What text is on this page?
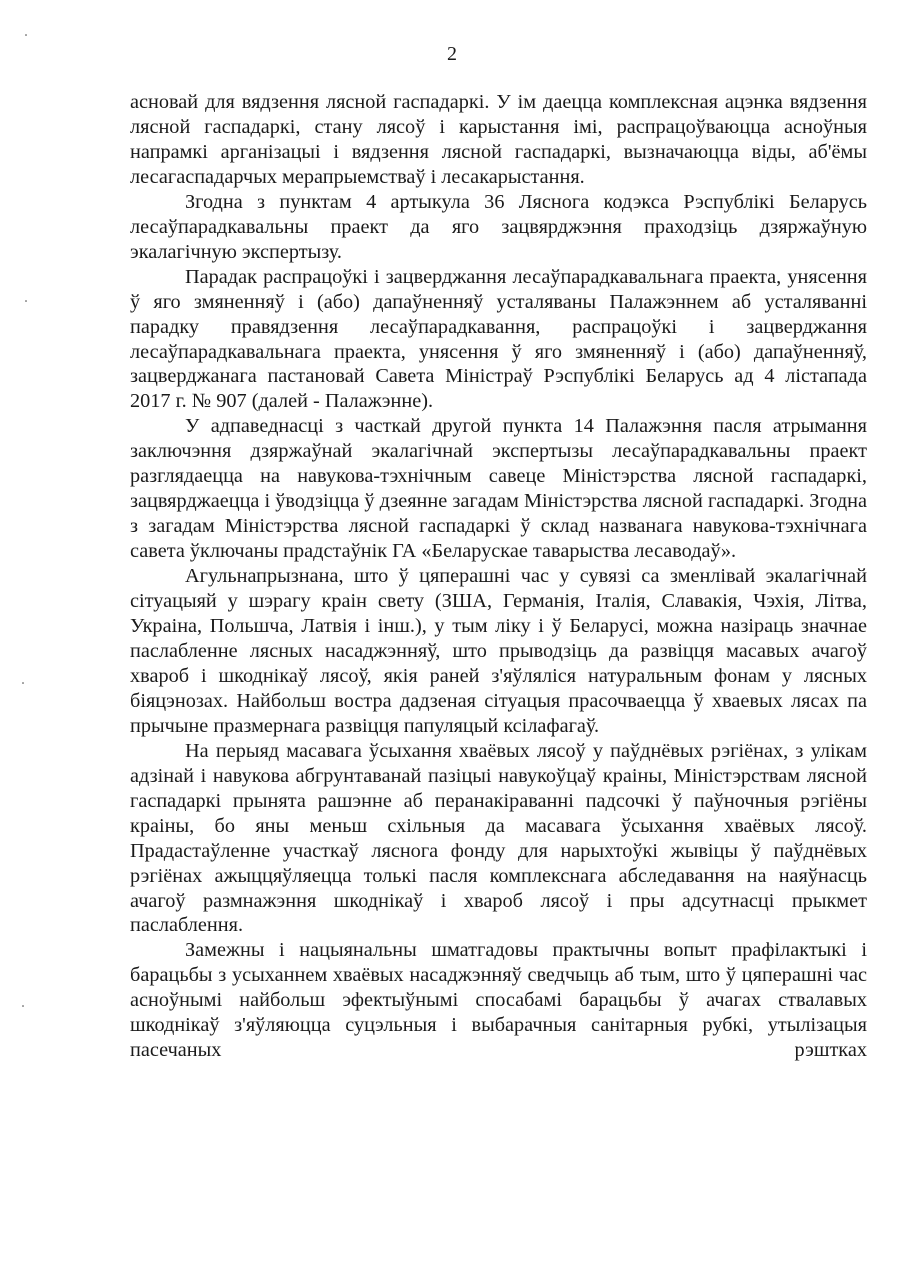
2

асновай для вядзення лясной гаспадаркі. У ім даецца комплексная ацэнка вядзення лясной гаспадаркі, стану лясоў і карыстання імі, распрацоўваюцца асноўныя напрамкі арганізацыі і вядзення лясной гаспадаркі, вызначаюцца віды, аб'ёмы лесагаспадарчых мерапрыемстваў і лесакарыстання.

Згодна з пунктам 4 артыкула 36 Ляснога кодэкса Рэспублікі Беларусь лесаўпарадкавальны праект да яго зацвярджэння праходзіць дзяржаўную экалагічную экспертызу.

Парадак распрацоўкі і зацверджання лесаўпарадкавальнага праекта, унясення ў яго змяненняў і (або) дапаўненняў усталяваны Палажэннем аб усталяванні парадку правядзення лесаўпарадкавання, распрацоўкі і зацверджання лесаўпарадкавальнага праекта, унясення ў яго змяненняў і (або) дапаўненняў, зацверджанага пастановай Савета Міністраў Рэспублікі Беларусь ад 4 лістапада 2017 г. № 907 (далей - Палажэнне).

У адпаведнасці з часткай другой пункта 14 Палажэння пасля атрымання заключэння дзяржаўнай экалагічнай экспертызы лесаўпарадкавальны праект разглядаецца на навукова-тэхнічным савеце Міністэрства лясной гаспадаркі, зацвярджаецца і ўводзіцца ў дзеянне загадам Міністэрства лясной гаспадаркі. Згодна з загадам Міністэрства лясной гаспадаркі ў склад названага навукова-тэхнічнага савета ўключаны прадстаўнік ГА «Беларускае таварыства лесаводаў».

Агульнапрызнана, што ў цяперашні час у сувязі са зменлівай экалагічнай сітуацыяй у шэрагу краін свету (ЗША, Германія, Італія, Славакія, Чэхія, Літва, Украіна, Польшча, Латвія і інш.), у тым ліку і ў Беларусі, можна назіраць значнае паслабленне лясных насаджэнняў, што прыводзіць да развіцця масавых ачагоў хвароб і шкоднікаў лясоў, якія раней з'яўляліся натуральным фонам у лясных біяцэнозах. Найбольш востра дадзеная сітуацыя прасочваецца ў хваевых лясах па прычыне празмернага развіцця папуляцый ксілафагаў.

На перыяд масавага ўсыхання хваёвых лясоў у паўднёвых рэгіёнах, з улікам адзінай і навукова абгрунтаванай пазіцыі навукоўцаў краіны, Міністэрствам лясной гаспадаркі прынята рашэнне аб перанакіраванні падсочкі ў паўночныя рэгіёны краіны, бо яны меньш схільныя да масавага ўсыхання хваёвых лясоў. Прадастаўленне участкаў ляснога фонду для нарыхтоўкі жывіцы ў паўднёвых рэгіёнах ажыццяўляецца толькі пасля комплекснага абследавання на наяўнасць ачагоў размнажэння шкоднікаў і хвароб лясоў і пры адсутнасці прыкмет паслаблення.

Замежны і нацыянальны шматгадовы практычны вопыт прафілактыкі і барацьбы з усыханнем хваёвых насаджэнняў сведчыць аб тым, што ў цяперашні час асноўнымі найбольш эфектыўнымі спосабамі барацьбы ў ачагах ствалавых шкоднікаў з'яўляюцца суцэльныя і выбарачныя санітарныя рубкі, утылізацыя пасечаных рэштках
